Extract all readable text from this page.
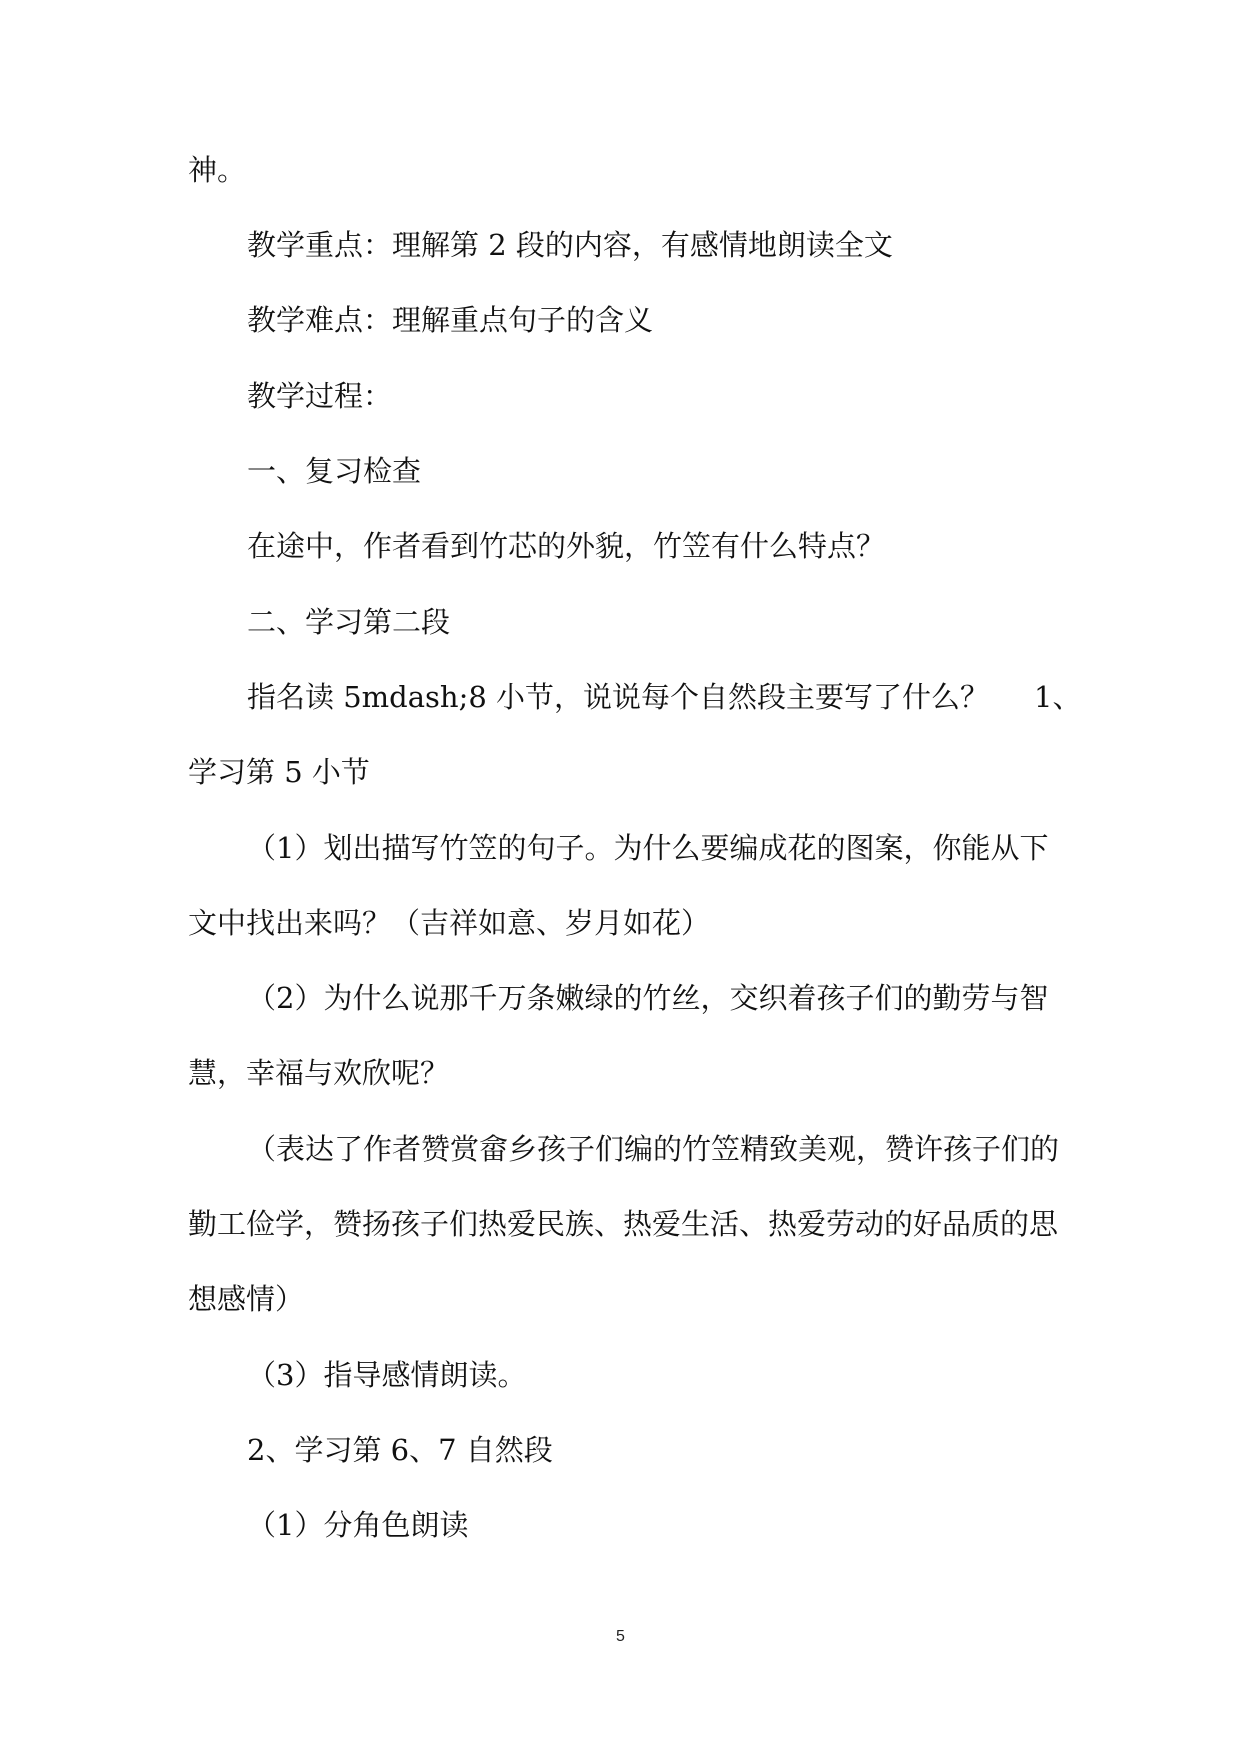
神。

教学重点：理解第 2 段的内容，有感情地朗读全文

教学难点：理解重点句子的含义

教学过程：

一、复习检查

在途中，作者看到竹芯的外貌，竹笠有什么特点？

二、学习第二段

指名读 5mdash;8 小节，说说每个自然段主要写了什么？ 1、

学习第 5 小节

（1）划出描写竹笠的句子。为什么要编成花的图案，你能从下

文中找出来吗？（吉祥如意、岁月如花）

（2）为什么说那千万条嫩绿的竹丝，交织着孩子们的勤劳与智

慧，幸福与欢欣呢？

（表达了作者赞赏畲乡孩子们编的竹笠精致美观，赞许孩子们的

勤工俭学，赞扬孩子们热爱民族、热爱生活、热爱劳动的好品质的思

想感情）

（3）指导感情朗读。

2、学习第 6、7 自然段

（1）分角色朗读

5
